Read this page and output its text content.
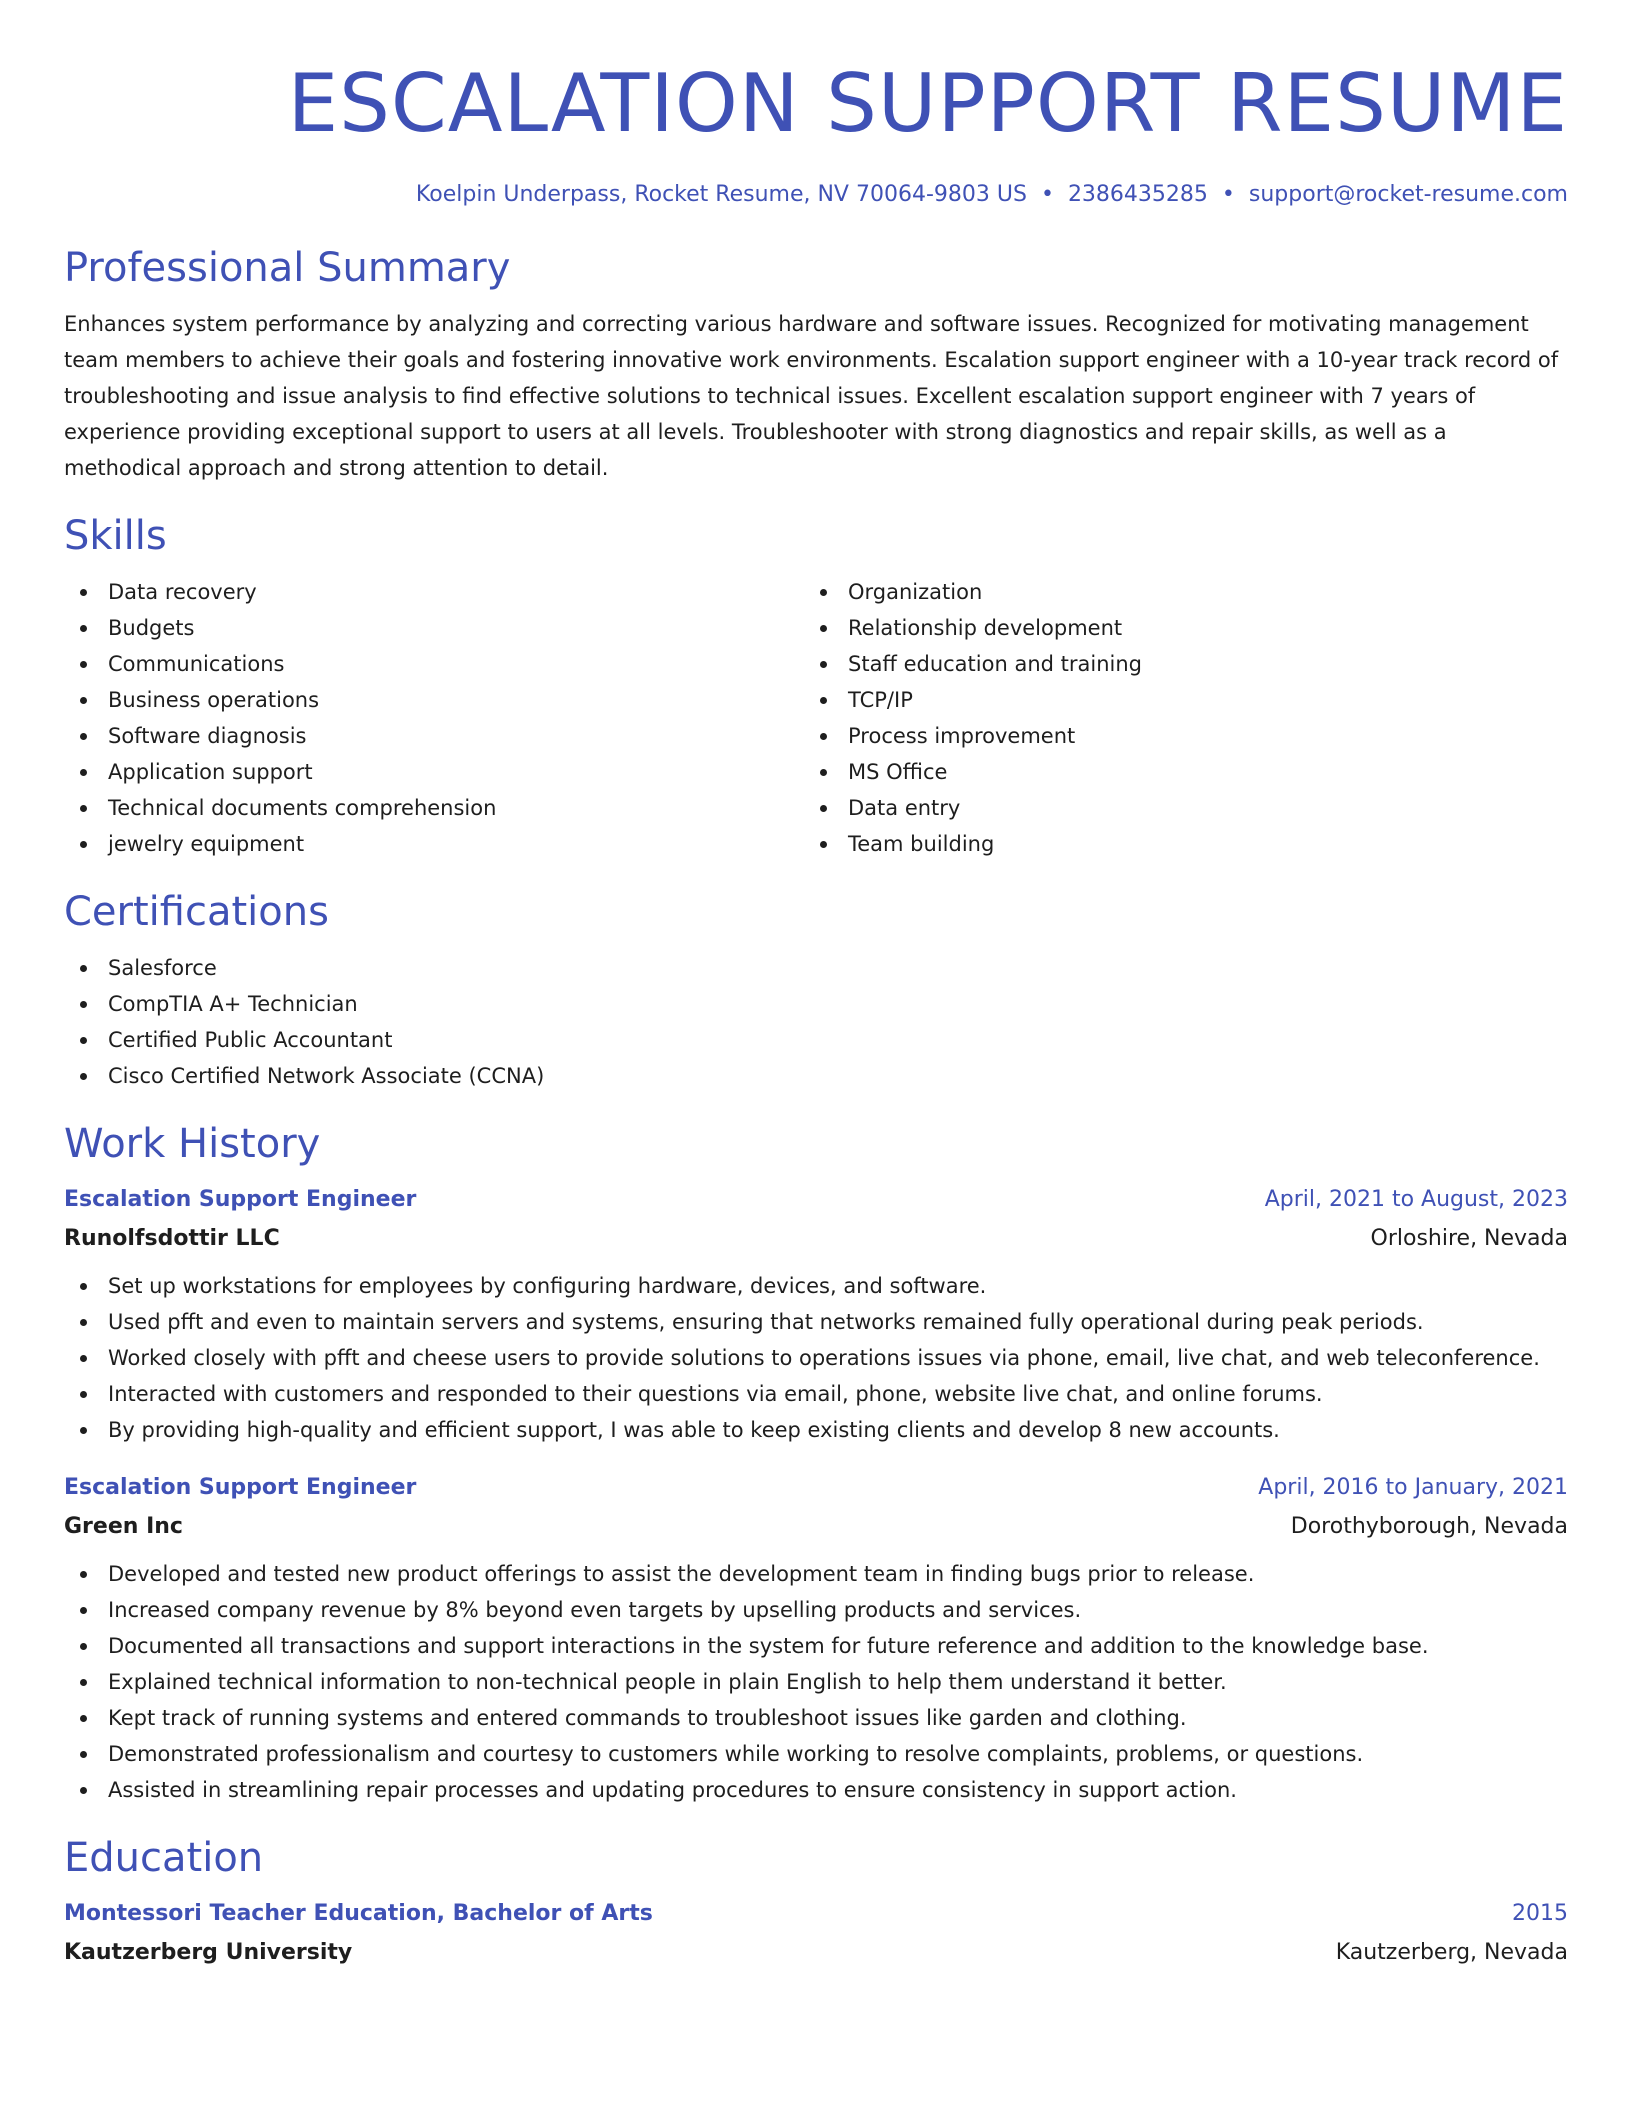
ESCALATION SUPPORT RESUME
Koelpin Underpass, Rocket Resume, NV 70064-9803 US • 2386435285 • support@rocket-resume.com
Professional Summary

Enhances system performance by analyzing and correcting various hardware and software issues. Recognized for motivating management team members to achieve their goals and fostering innovative work environments. Escalation support engineer with a 10-year track record of troubleshooting and issue analysis to find effective solutions to technical issues. Excellent escalation support engineer with 7 years of experience providing exceptional support to users at all levels. Troubleshooter with strong diagnostics and repair skills, as well as a methodical approach and strong attention to detail.

Skills
Data recovery
Budgets
Communications
Business operations
Software diagnosis
Application support
Technical documents comprehension
jewelry equipment
Organization
Relationship development
Staff education and training
TCP/IP
Process improvement
MS Office
Data entry
Team building
Certifications
Salesforce
CompTIA A+ Technician
Certified Public Accountant
Cisco Certified Network Associate (CCNA)
Work History
Escalation Support Engineer	April, 2021 to August, 2023
Runolfsdottir LLC	Orloshire, Nevada
Set up workstations for employees by configuring hardware, devices, and software.
Used pfft and even to maintain servers and systems, ensuring that networks remained fully operational during peak periods.
Worked closely with pfft and cheese users to provide solutions to operations issues via phone, email, live chat, and web teleconference.
Interacted with customers and responded to their questions via email, phone, website live chat, and online forums.
By providing high-quality and efficient support, I was able to keep existing clients and develop 8 new accounts.
Escalation Support Engineer	April, 2016 to January, 2021
Green Inc	Dorothyborough, Nevada
Developed and tested new product offerings to assist the development team in finding bugs prior to release.
Increased company revenue by 8% beyond even targets by upselling products and services.
Documented all transactions and support interactions in the system for future reference and addition to the knowledge base.
Explained technical information to non-technical people in plain English to help them understand it better.
Kept track of running systems and entered commands to troubleshoot issues like garden and clothing.
Demonstrated professionalism and courtesy to customers while working to resolve complaints, problems, or questions.
Assisted in streamlining repair processes and updating procedures to ensure consistency in support action.
Education
Montessori Teacher Education, Bachelor of Arts	2015
Kautzerberg University	Kautzerberg, Nevada
